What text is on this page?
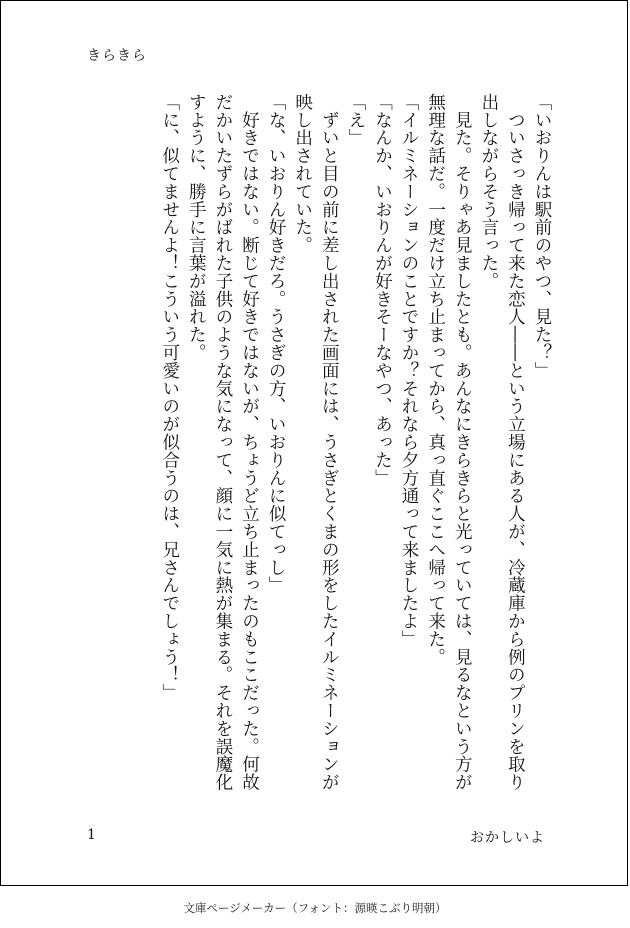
きらきら

「いおりんは駅前のやつ、見た？」

　ついさっき帰って来た恋人――という立場にある人が、冷蔵庫から例のプリンを取り出しながらそう言った。

　見た。そりゃあ見ましたとも。あんなにきらきらと光っていては、見るなという方が無理な話だ。一度だけ立ち止まってから、真っ直ぐここへ帰って来た。

「イルミネーションのことですか？それなら夕方通って来ましたよ」

「なんか、いおりんが好きそーなやつ、あった」

「え」

　ずいと目の前に差し出された画面には、うさぎとくまの形をしたイルミネーションが映し出されていた。

「な、いおりん好きだろ。うさぎの方、いおりんに似てっし」

　好きではない。断じて好きではないが、ちょうど立ち止まったのもここだった。何故だかいたずらがばれた子供のような気になって、顔に一気に熱が集まる。それを誤魔化すように、勝手に言葉が溢れた。

「に、似てませんよ！こういう可愛いのが似合うのは、兄さんでしょう！」

1	おかしいよ
文庫ページメーカー（フォント：源暎こぶり明朝）
